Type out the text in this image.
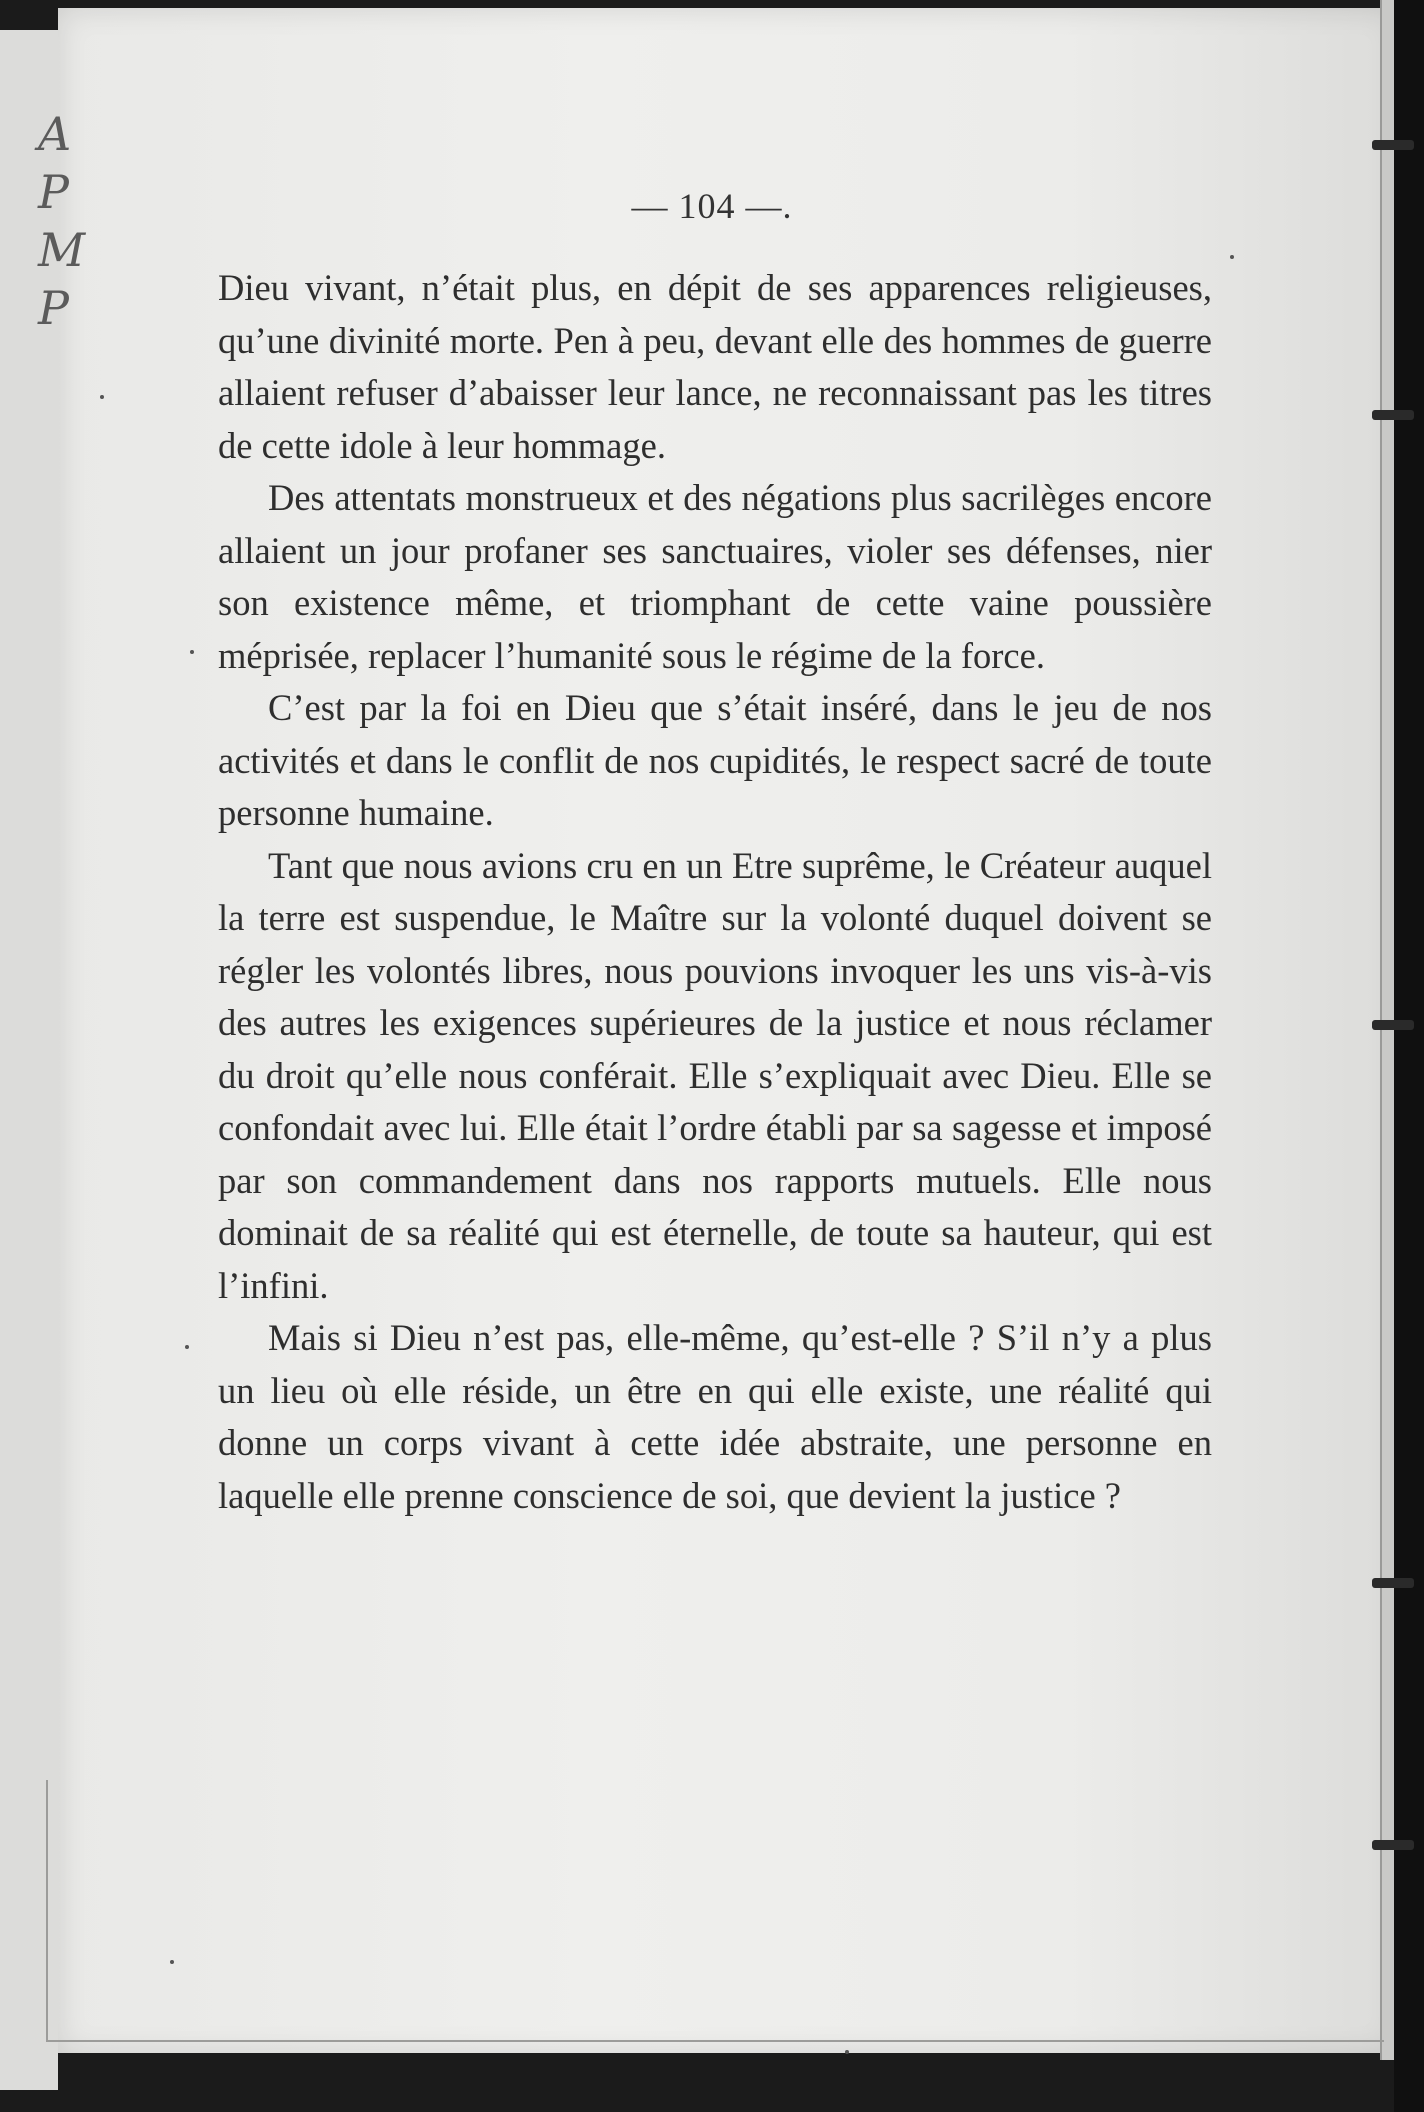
A
P
M
P
— 104 —.

Dieu vivant, n’était plus, en dépit de ses apparences religieuses, qu’une divinité morte. Pen à peu, devant elle des hommes de guerre allaient refuser d’abaisser leur lance, ne reconnaissant pas les titres de cette idole à leur hommage.

Des attentats monstrueux et des négations plus sacrilèges encore allaient un jour profaner ses sanctuaires, violer ses défenses, nier son existence même, et triomphant de cette vaine poussière méprisée, replacer l’humanité sous le régime de la force.

C’est par la foi en Dieu que s’était inséré, dans le jeu de nos activités et dans le conflit de nos cupidités, le respect sacré de toute personne humaine.

Tant que nous avions cru en un Etre suprême, le Créateur auquel la terre est suspendue, le Maître sur la volonté duquel doivent se régler les volontés libres, nous pouvions invoquer les uns vis-à-vis des autres les exigences supérieures de la justice et nous réclamer du droit qu’elle nous conférait. Elle s’expliquait avec Dieu. Elle se confondait avec lui. Elle était l’ordre établi par sa sagesse et imposé par son commandement dans nos rapports mutuels. Elle nous dominait de sa réalité qui est éternelle, de toute sa hauteur, qui est l’infini.

Mais si Dieu n’est pas, elle-même, qu’est-elle ? S’il n’y a plus un lieu où elle réside, un être en qui elle existe, une réalité qui donne un corps vivant à cette idée abstraite, une personne en laquelle elle prenne conscience de soi, que devient la justice ?
